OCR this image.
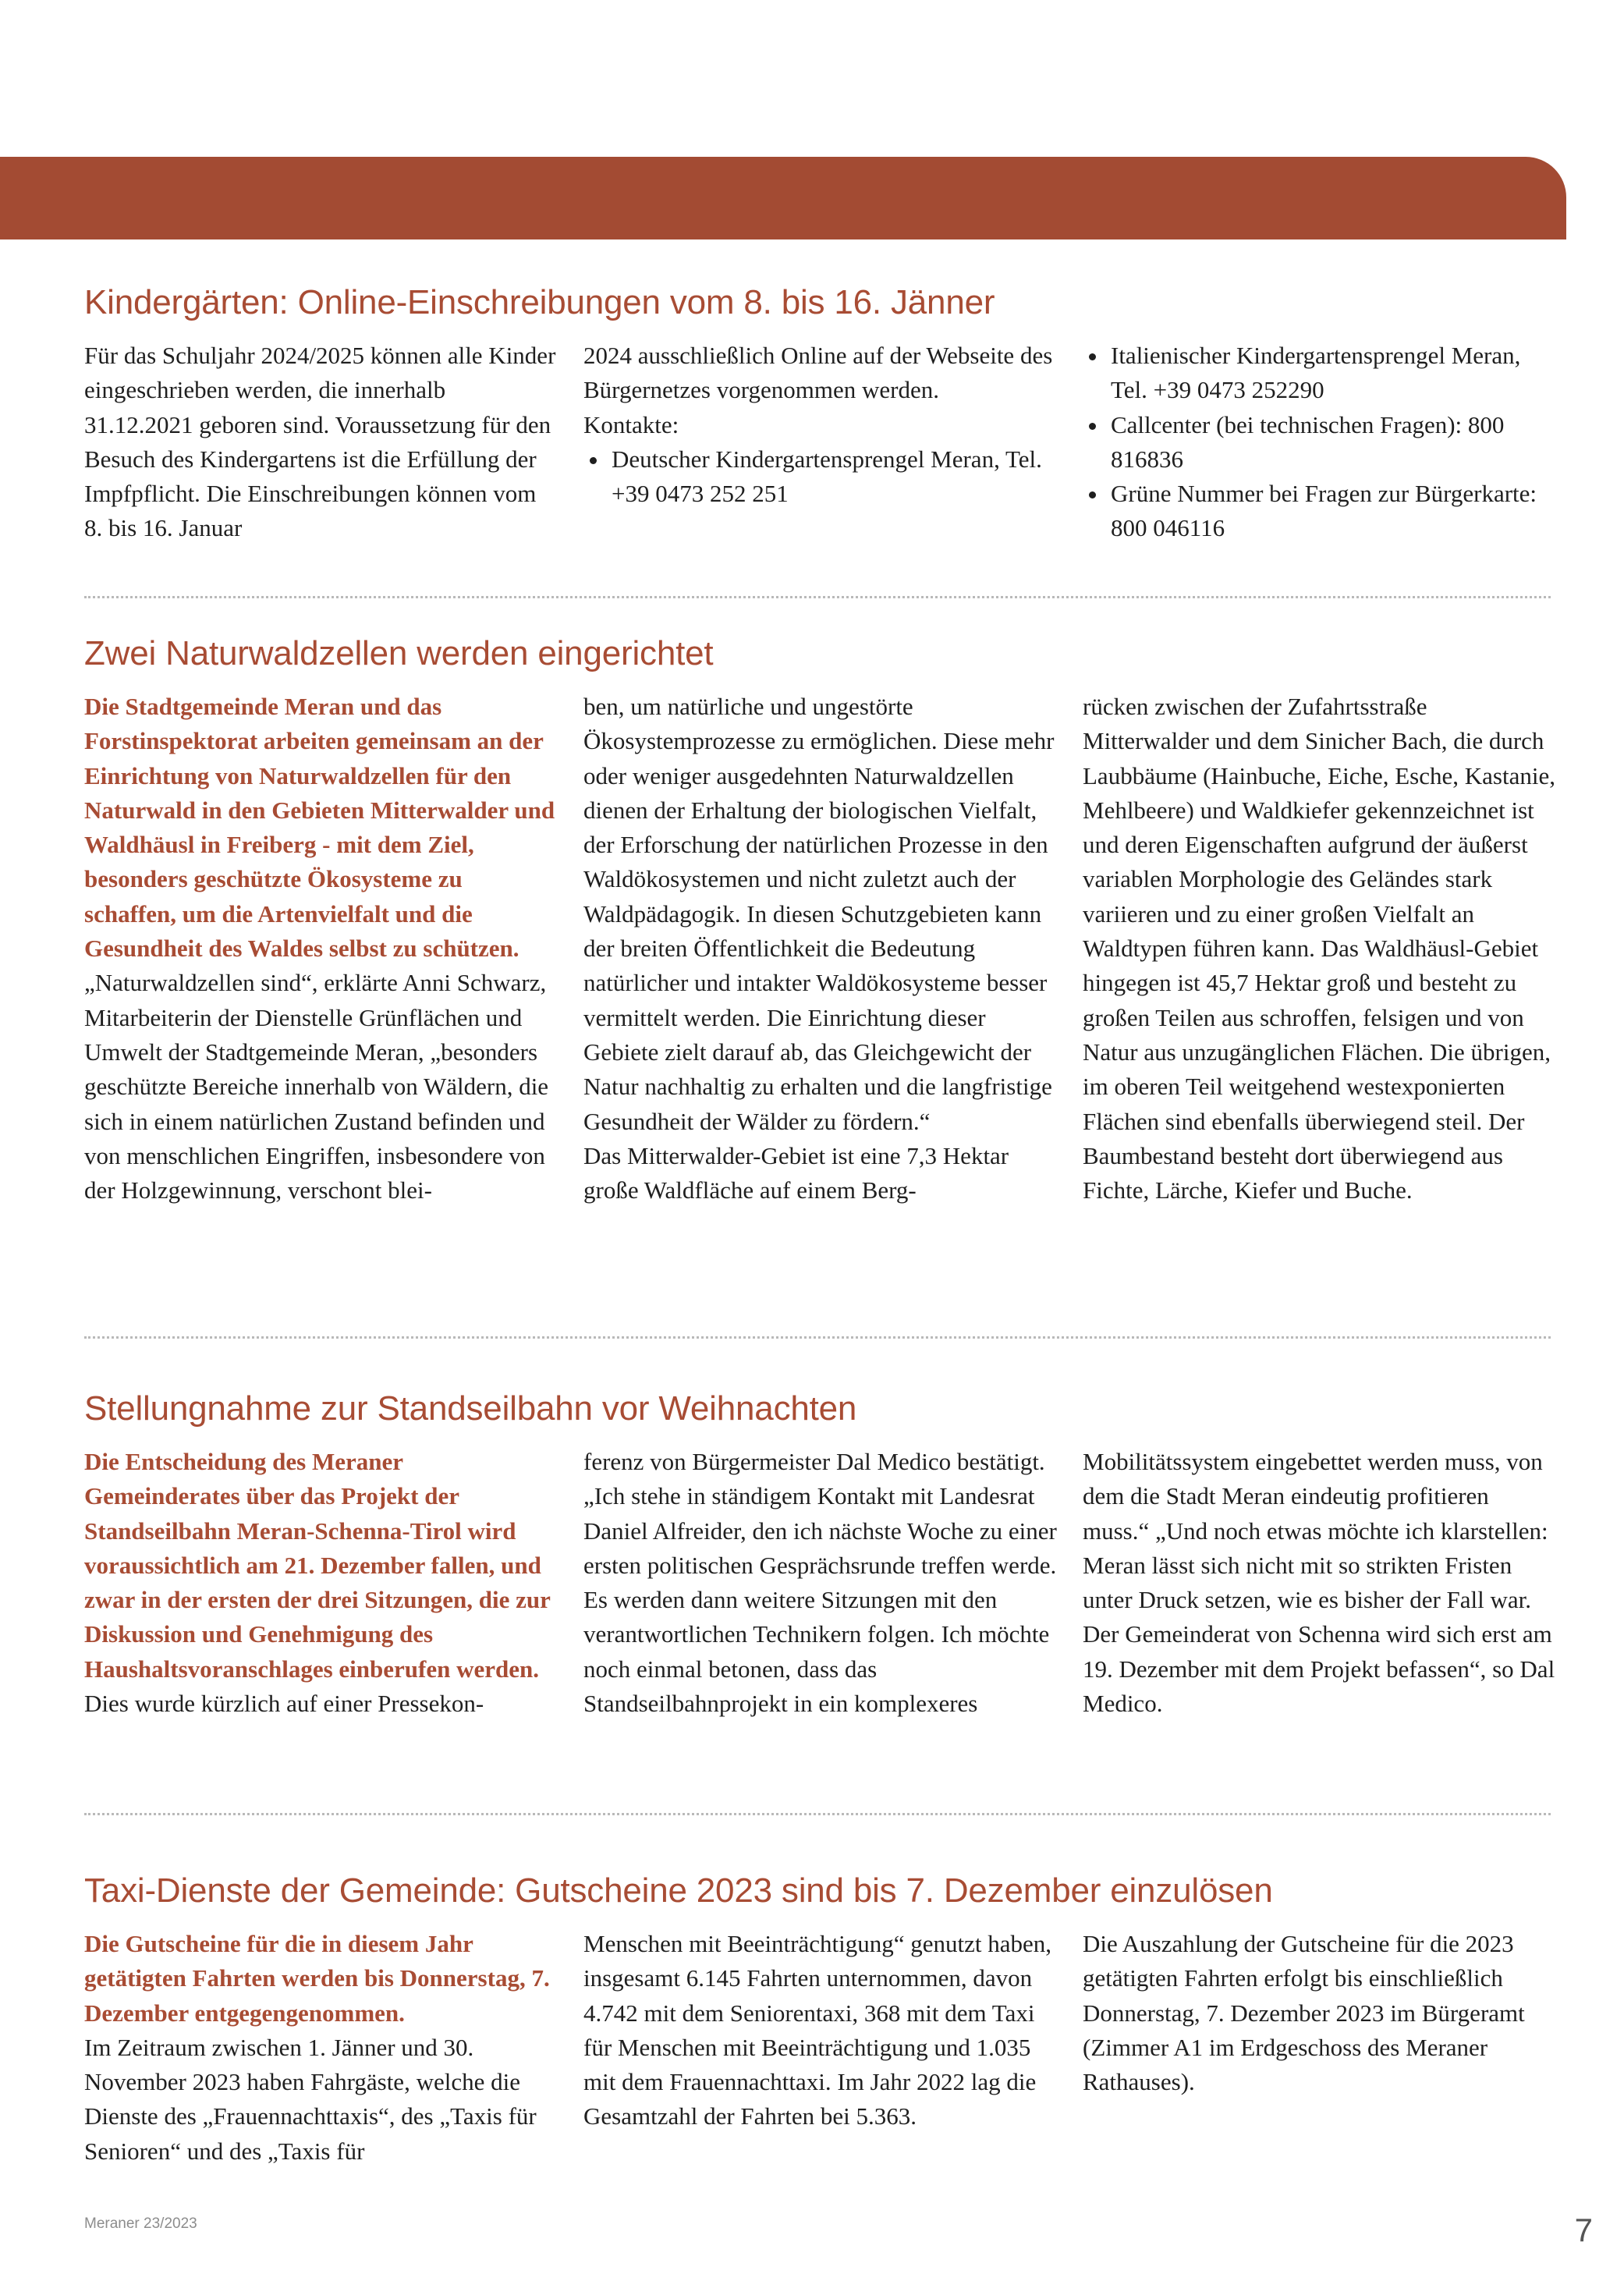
Kindergärten: Online-Einschreibungen vom 8. bis 16. Jänner

Für das Schuljahr 2024/2025 können alle Kinder eingeschrieben werden, die innerhalb 31.12.2021 geboren sind. Voraussetzung für den Besuch des Kindergartens ist die Erfüllung der Impfpflicht. Die Einschreibungen können vom 8. bis 16. Januar

2024 ausschließlich Online auf der Webseite des Bürgernetzes vorgenommen werden.

Kontakte:

Deutscher Kindergartensprengel Meran, Tel. +39 0473 252 251
Italienischer Kindergartensprengel Meran, Tel. +39 0473 252290
Callcenter (bei technischen Fragen): 800 816836
Grüne Nummer bei Fragen zur Bürgerkarte: 800 046116
Zwei Naturwaldzellen werden eingerichtet

Die Stadtgemeinde Meran und das Forstinspektorat arbeiten gemeinsam an der Einrichtung von Naturwaldzellen für den Naturwald in den Gebieten Mitterwalder und Waldhäusl in Freiberg - mit dem Ziel, besonders geschützte Ökosysteme zu schaffen, um die Artenvielfalt und die Gesundheit des Waldes selbst zu schützen.

„Naturwaldzellen sind“, erklärte Anni Schwarz, Mitarbeiterin der Dienstelle Grünflächen und Umwelt der Stadtgemeinde Meran, „besonders geschützte Bereiche innerhalb von Wäldern, die sich in einem natürlichen Zustand befinden und von menschlichen Eingriffen, insbesondere von der Holzgewinnung, verschont blei-

ben, um natürliche und ungestörte Ökosystemprozesse zu ermöglichen. Diese mehr oder weniger ausgedehnten Naturwaldzellen dienen der Erhaltung der biologischen Vielfalt, der Erforschung der natürlichen Prozesse in den Waldökosystemen und nicht zuletzt auch der Waldpädagogik. In diesen Schutzgebieten kann der breiten Öffentlichkeit die Bedeutung natürlicher und intakter Waldökosysteme besser vermittelt werden. Die Einrichtung dieser Gebiete zielt darauf ab, das Gleichgewicht der Natur nachhaltig zu erhalten und die langfristige Gesundheit der Wälder zu fördern.“

Das Mitterwalder-Gebiet ist eine 7,3 Hektar große Waldfläche auf einem Berg-

rücken zwischen der Zufahrtsstraße Mitterwalder und dem Sinicher Bach, die durch Laubbäume (Hainbuche, Eiche, Esche, Kastanie, Mehlbeere) und Waldkiefer gekennzeichnet ist und deren Eigenschaften aufgrund der äußerst variablen Morphologie des Geländes stark variieren und zu einer großen Vielfalt an Waldtypen führen kann. Das Waldhäusl-Gebiet hingegen ist 45,7 Hektar groß und besteht zu großen Teilen aus schroffen, felsigen und von Natur aus unzugänglichen Flächen. Die übrigen, im oberen Teil weitgehend westexponierten Flächen sind ebenfalls überwiegend steil. Der Baumbestand besteht dort überwiegend aus Fichte, Lärche, Kiefer und Buche.

Stellungnahme zur Standseilbahn vor Weihnachten

Die Entscheidung des Meraner Gemeinderates über das Projekt der Standseilbahn Meran-Schenna-Tirol wird voraussichtlich am 21. Dezember fallen, und zwar in der ersten der drei Sitzungen, die zur Diskussion und Genehmigung des Haushaltsvoranschlages einberufen werden.

Dies wurde kürzlich auf einer Pressekon-

ferenz von Bürgermeister Dal Medico bestätigt. „Ich stehe in ständigem Kontakt mit Landesrat Daniel Alfreider, den ich nächste Woche zu einer ersten politischen Gesprächsrunde treffen werde. Es werden dann weitere Sitzungen mit den verantwortlichen Technikern folgen. Ich möchte noch einmal betonen, dass das Standseilbahnprojekt in ein komplexeres

Mobilitätssystem eingebettet werden muss, von dem die Stadt Meran eindeutig profitieren muss.“ „Und noch etwas möchte ich klarstellen: Meran lässt sich nicht mit so strikten Fristen unter Druck setzen, wie es bisher der Fall war. Der Gemeinderat von Schenna wird sich erst am 19. Dezember mit dem Projekt befassen“, so Dal Medico.

Taxi-Dienste der Gemeinde: Gutscheine 2023 sind bis 7. Dezember einzulösen

Die Gutscheine für die in diesem Jahr getätigten Fahrten werden bis Donnerstag, 7. Dezember entgegengenommen.

Im Zeitraum zwischen 1. Jänner und 30. November 2023 haben Fahrgäste, welche die Dienste des „Frauennachttaxis“, des „Taxis für Senioren“ und des „Taxis für

Menschen mit Beeinträchtigung“ genutzt haben, insgesamt 6.145 Fahrten unternommen, davon 4.742 mit dem Seniorentaxi, 368 mit dem Taxi für Menschen mit Beeinträchtigung und 1.035 mit dem Frauennachttaxi. Im Jahr 2022 lag die Gesamtzahl der Fahrten bei 5.363.

Die Auszahlung der Gutscheine für die 2023 getätigten Fahrten erfolgt bis einschließlich Donnerstag, 7. Dezember 2023 im Bürgeramt (Zimmer A1 im Erdgeschoss des Meraner Rathauses).

Meraner 23/2023	7
